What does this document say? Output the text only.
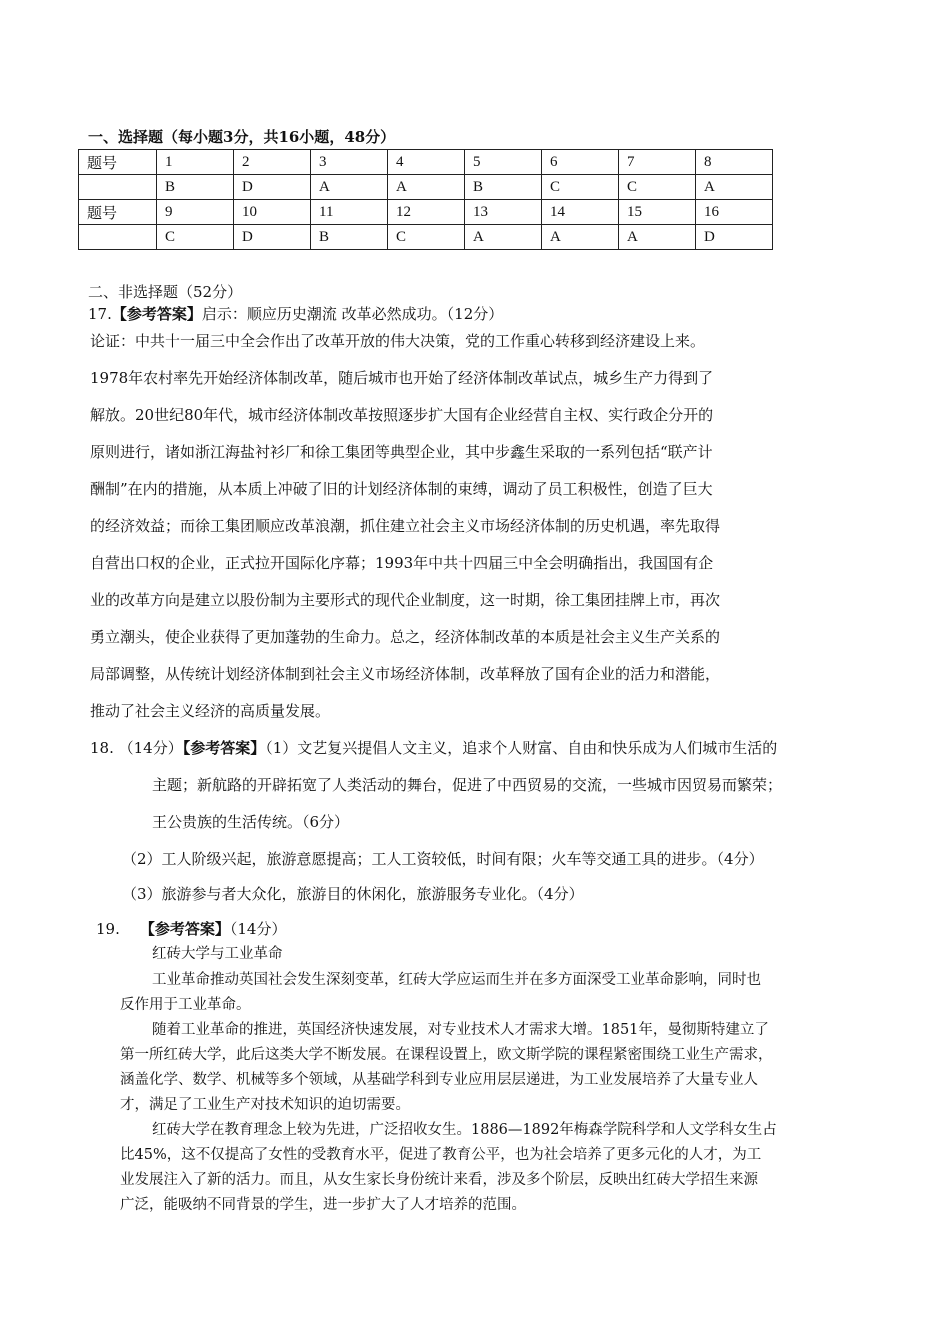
一、选择题（每小题3分，共16小题，48分）
题号	1	2	3	4	5	6	7	8
	B	D	A	A	B	C	C	A
题号	9	10	11	12	13	14	15	16
	C	D	B	C	A	A	A	D
二、非选择题（52分）
17.【参考答案】启示：顺应历史潮流 改革必然成功。（12分）
论证：中共十一届三中全会作出了改革开放的伟大决策，党的工作重心转移到经济建设上来。
1978年农村率先开始经济体制改革，随后城市也开始了经济体制改革试点，城乡生产力得到了
解放。20世纪80年代，城市经济体制改革按照逐步扩大国有企业经营自主权、实行政企分开的
原则进行，诸如浙江海盐衬衫厂和徐工集团等典型企业，其中步鑫生采取的一系列包括“联产计
酬制”在内的措施，从本质上冲破了旧的计划经济体制的束缚，调动了员工积极性，创造了巨大
的经济效益；而徐工集团顺应改革浪潮，抓住建立社会主义市场经济体制的历史机遇，率先取得
自营出口权的企业，正式拉开国际化序幕；1993年中共十四届三中全会明确指出，我国国有企
业的改革方向是建立以股份制为主要形式的现代企业制度，这一时期，徐工集团挂牌上市，再次
勇立潮头，使企业获得了更加蓬勃的生命力。总之，经济体制改革的本质是社会主义生产关系的
局部调整，从传统计划经济体制到社会主义市场经济体制，改革释放了国有企业的活力和潜能，
推动了社会主义经济的高质量发展。
18. （14分）【参考答案】（1）文艺复兴提倡人文主义，追求个人财富、自由和快乐成为人们城市生活的
主题；新航路的开辟拓宽了人类活动的舞台，促进了中西贸易的交流，一些城市因贸易而繁荣；
王公贵族的生活传统。（6分）
（2）工人阶级兴起，旅游意愿提高；工人工资较低，时间有限；火车等交通工具的进步。（4分）
（3）旅游参与者大众化，旅游目的休闲化，旅游服务专业化。（4分）
19. 【参考答案】（14分）
红砖大学与工业革命
工业革命推动英国社会发生深刻变革，红砖大学应运而生并在多方面深受工业革命影响，同时也
反作用于工业革命。
随着工业革命的推进，英国经济快速发展，对专业技术人才需求大增。1851年，曼彻斯特建立了
第一所红砖大学，此后这类大学不断发展。在课程设置上，欧文斯学院的课程紧密围绕工业生产需求，
涵盖化学、数学、机械等多个领域，从基础学科到专业应用层层递进，为工业发展培养了大量专业人
才，满足了工业生产对技术知识的迫切需要。
红砖大学在教育理念上较为先进，广泛招收女生。1886—1892年梅森学院科学和人文学科女生占
比45%，这不仅提高了女性的受教育水平，促进了教育公平，也为社会培养了更多元化的人才，为工
业发展注入了新的活力。而且，从女生家长身份统计来看，涉及多个阶层，反映出红砖大学招生来源
广泛，能吸纳不同背景的学生，进一步扩大了人才培养的范围。
